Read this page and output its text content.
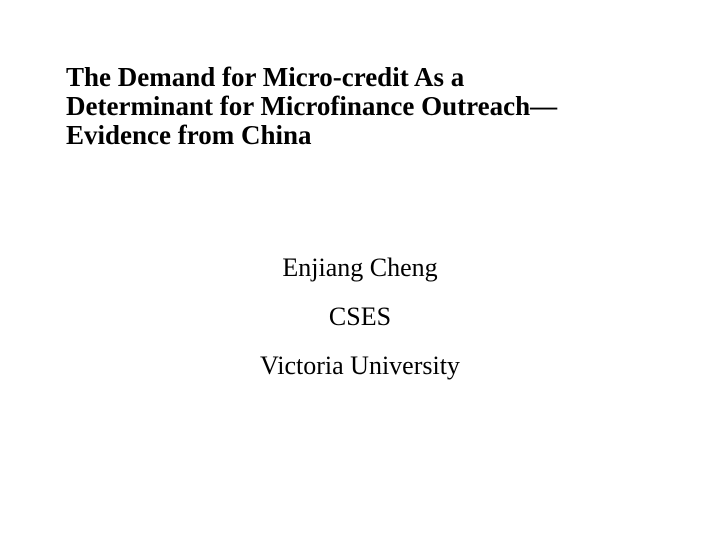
The Demand for Micro-credit As a
Determinant for Microfinance Outreach—
Evidence from China
Enjiang Cheng
CSES
Victoria University
